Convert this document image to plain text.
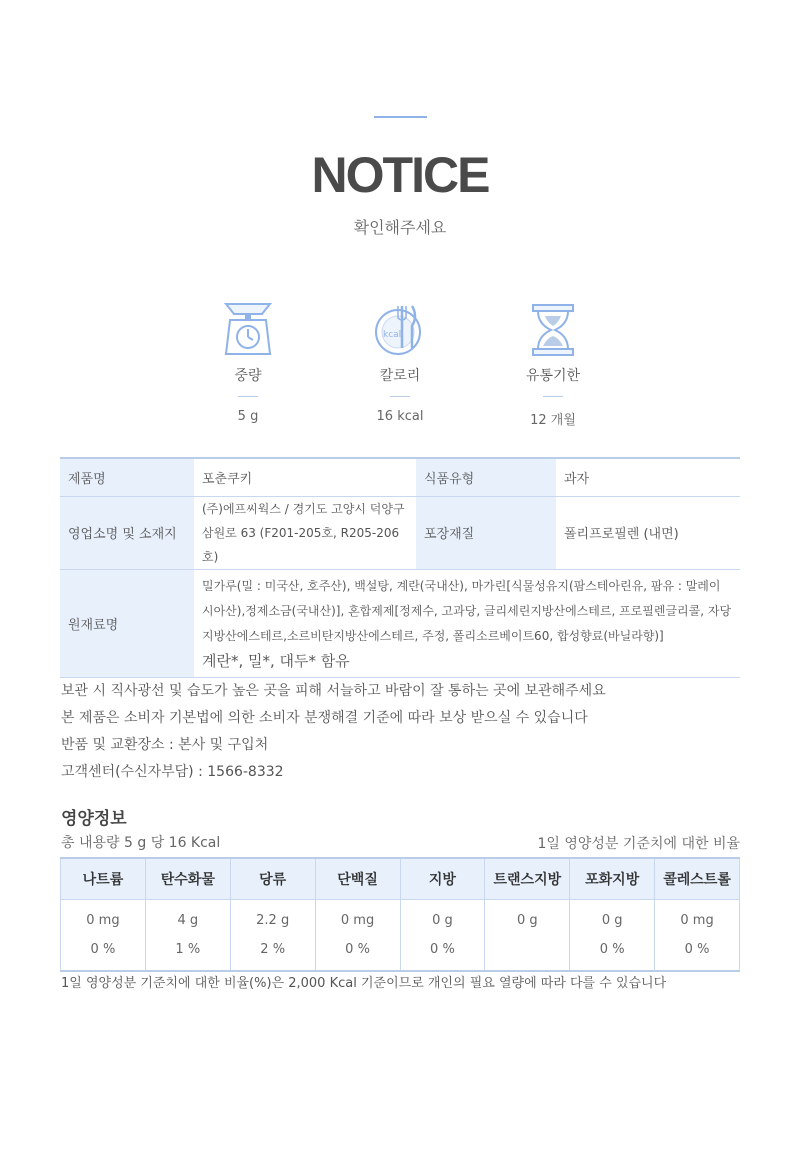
NOTICE
확인해주세요
중량
5 g
kcal
칼로리
16 kcal
유통기한
12 개월
제품명	포춘쿠키	식품유형	과자
영업소명 및 소재지	(주)에프씨웍스 / 경기도 고양시 덕양구 삼원로 63 (F201-205호, R205-206호)	포장재질	폴리프로필렌 (내면)
원재료명	밀가루(밀 : 미국산, 호주산), 백설탕, 계란(국내산), 마가린[식물성유지(팜스테아린유, 팜유 : 말레이시아산),정제소금(국내산)], 혼합제제[정제수, 고과당, 글리세린지방산에스테르, 프로필렌글리콜, 자당지방산에스테르,소르비탄지방산에스테르, 주정, 폴리소르베이트60, 합성향료(바닐라향)]
계란*, 밀*, 대두* 함유		
보관 시 직사광선 및 습도가 높은 곳을 피해 서늘하고 바람이 잘 통하는 곳에 보관해주세요
본 제품은 소비자 기본법에 의한 소비자 분쟁해결 기준에 따라 보상 받으실 수 있습니다
반품 및 교환장소 : 본사 및 구입처
고객센터(수신자부담) : 1566-8332
영양정보
총 내용량 5 g 당 16 Kcal	1일 영양성분 기준치에 대한 비율
나트륨	탄수화물	당류	단백질	지방	트랜스지방	포화지방	콜레스트롤
0 mg	4 g	2.2 g	0 mg	0 g	0 g	0 g	0 mg
0 %	1 %	2 %	0 %	0 %		0 %	0 %
1일 영양성분 기준치에 대한 비율(%)은 2,000 Kcal 기준이므로 개인의 필요 열량에 따라 다를 수 있습니다
